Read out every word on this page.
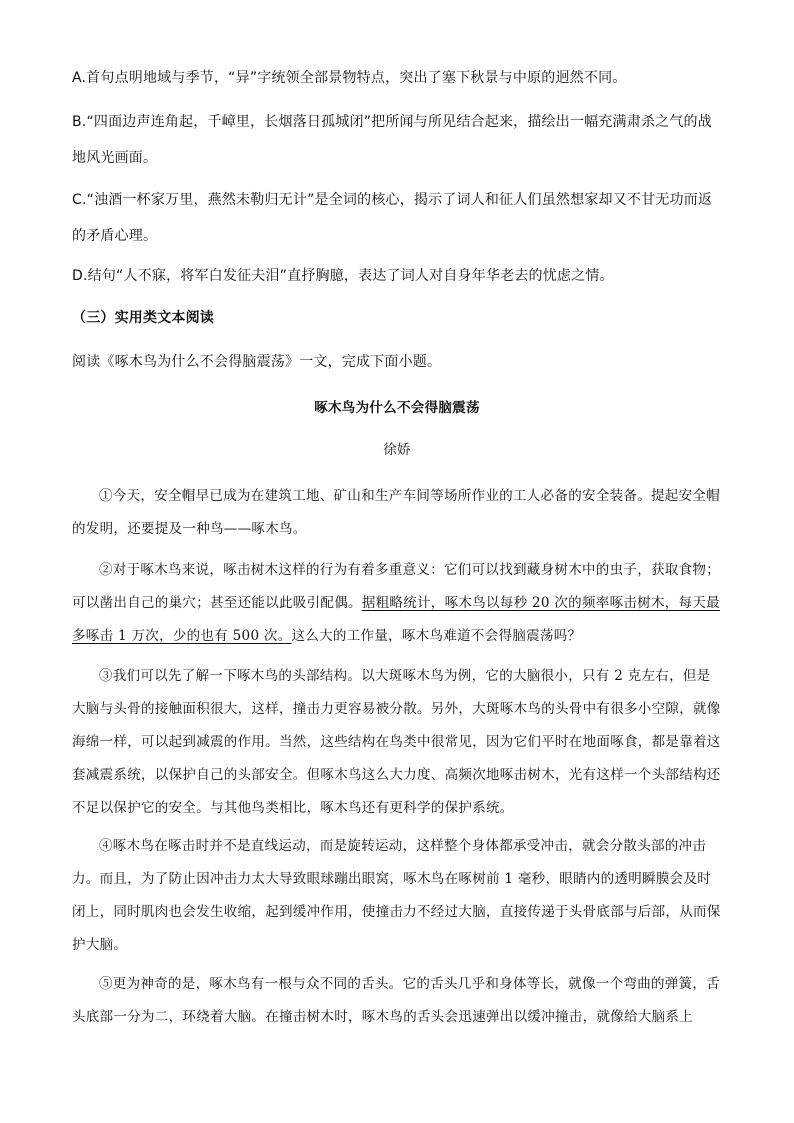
A.首句点明地域与季节，“异”字统领全部景物特点，突出了塞下秋景与中原的迥然不同。

B.“四面边声连角起，千嶂里，长烟落日孤城闭”把所闻与所见结合起来，描绘出一幅充满肃杀之气的战地风光画面。

C.“浊酒一杯家万里，燕然未勒归无计”是全词的核心，揭示了词人和征人们虽然想家却又不甘无功而返的矛盾心理。

D.结句“人不寐，将军白发征夫泪”直抒胸臆，表达了词人对自身年华老去的忧虑之情。

（三）实用类文本阅读

阅读《啄木鸟为什么不会得脑震荡》一文，完成下面小题。

啄木鸟为什么不会得脑震荡

徐娇

①今天，安全帽早已成为在建筑工地、矿山和生产车间等场所作业的工人必备的安全装备。提起安全帽的发明，还要提及一种鸟——啄木鸟。

②对于啄木鸟来说，啄击树木这样的行为有着多重意义：它们可以找到藏身树木中的虫子，获取食物；可以凿出自己的巢穴；甚至还能以此吸引配偶。据粗略统计，啄木鸟以每秒 20 次的频率啄击树木，每天最多啄击 1 万次，少的也有 500 次。这么大的工作量，啄木鸟难道不会得脑震荡吗？

③我们可以先了解一下啄木鸟的头部结构。以大斑啄木鸟为例，它的大脑很小，只有 2 克左右，但是大脑与头骨的接触面积很大，这样，撞击力更容易被分散。另外，大斑啄木鸟的头骨中有很多小空隙，就像海绵一样，可以起到减震的作用。当然，这些结构在鸟类中很常见，因为它们平时在地面啄食，都是靠着这套减震系统，以保护自己的头部安全。但啄木鸟这么大力度、高频次地啄击树木，光有这样一个头部结构还不足以保护它的安全。与其他鸟类相比，啄木鸟还有更科学的保护系统。

④啄木鸟在啄击时并不是直线运动，而是旋转运动，这样整个身体都承受冲击，就会分散头部的冲击力。而且，为了防止因冲击力太大导致眼球蹦出眼窝，啄木鸟在啄树前 1 毫秒，眼睛内的透明瞬膜会及时闭上，同时肌肉也会发生收缩，起到缓冲作用，使撞击力不经过大脑，直接传递于头骨底部与后部，从而保护大脑。

⑤更为神奇的是，啄木鸟有一根与众不同的舌头。它的舌头几乎和身体等长，就像一个弯曲的弹簧，舌头底部一分为二，环绕着大脑。在撞击树木时，啄木鸟的舌头会迅速弹出以缓冲撞击，就像给大脑系上
